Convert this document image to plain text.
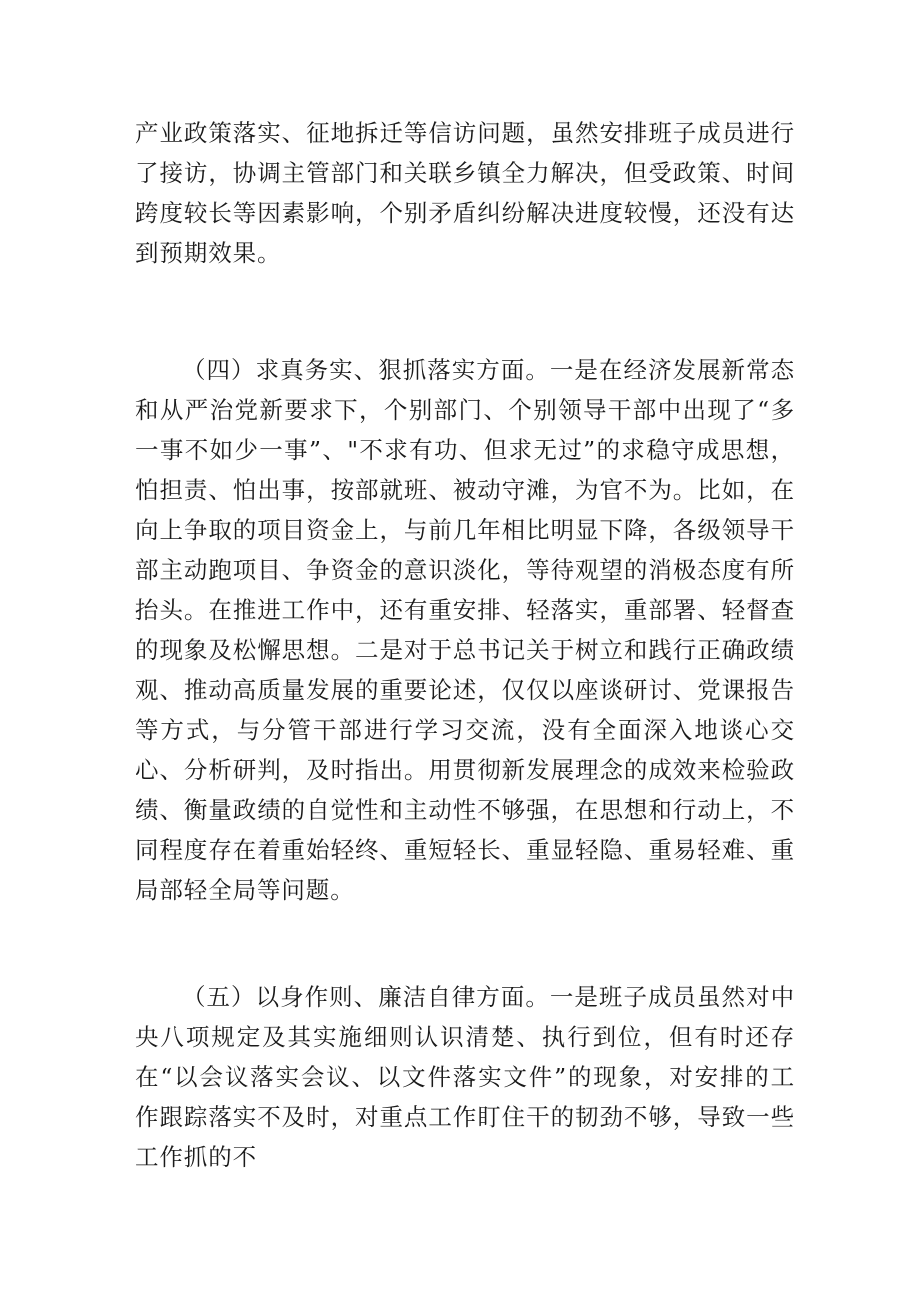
产业政策落实、征地拆迁等信访问题，虽然安排班子成员进行了接访，协调主管部门和关联乡镇全力解决，但受政策、时间跨度较长等因素影响，个别矛盾纠纷解决进度较慢，还没有达到预期效果。

（四）求真务实、狠抓落实方面。一是在经济发展新常态和从严治党新要求下，个别部门、个别领导干部中出现了“多一事不如少一事”、"不求有功、但求无过”的求稳守成思想，怕担责、怕出事，按部就班、被动守滩，为官不为。比如，在向上争取的项目资金上，与前几年相比明显下降，各级领导干部主动跑项目、争资金的意识淡化，等待观望的消极态度有所抬头。在推进工作中，还有重安排、轻落实，重部署、轻督查的现象及松懈思想。二是对于总书记关于树立和践行正确政绩观、推动高质量发展的重要论述，仅仅以座谈研讨、党课报告等方式，与分管干部进行学习交流，没有全面深入地谈心交心、分析研判，及时指出。用贯彻新发展理念的成效来检验政绩、衡量政绩的自觉性和主动性不够强，在思想和行动上，不同程度存在着重始轻终、重短轻长、重显轻隐、重易轻难、重局部轻全局等问题。

（五）以身作则、廉洁自律方面。一是班子成员虽然对中央八项规定及其实施细则认识清楚、执行到位，但有时还存在“以会议落实会议、以文件落实文件”的现象，对安排的工作跟踪落实不及时，对重点工作盯住干的韧劲不够，导致一些工作抓的不
